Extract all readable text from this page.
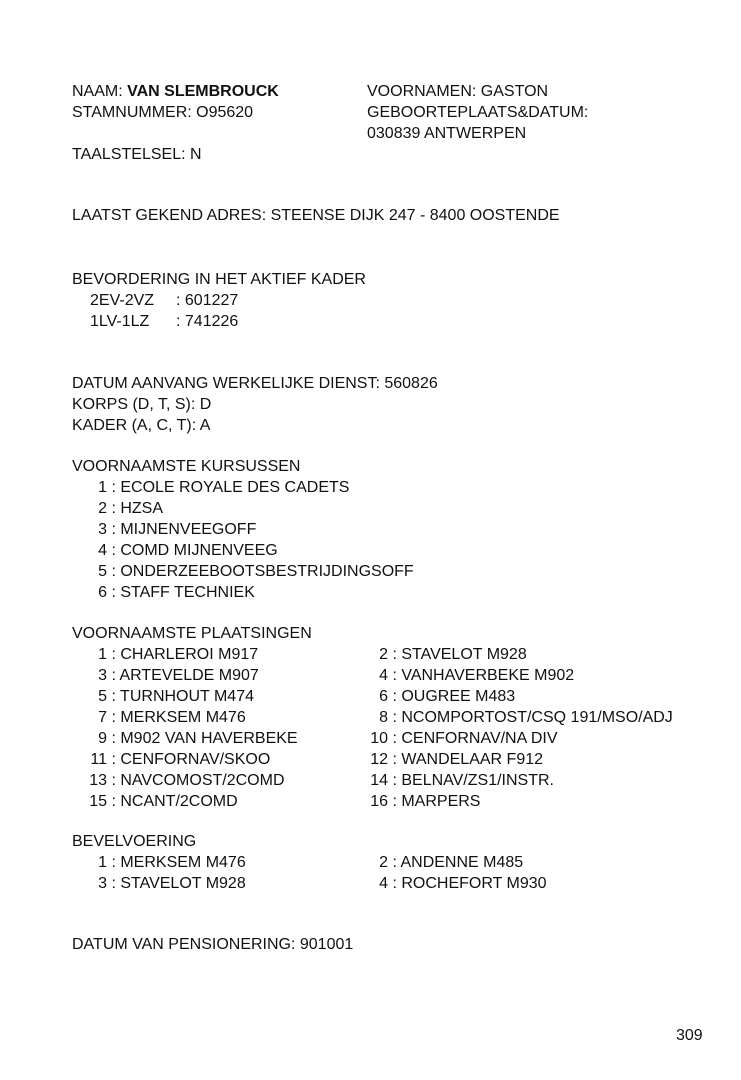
NAAM: VAN SLEMBROUCK	VOORNAMEN: GASTON
STAMNUMMER: O95620	GEBOORTEPLAATS&DATUM:
030839 ANTWERPEN
TAALSTELSEL: N
LAATST GEKEND ADRES: STEENSE DIJK 247 - 8400 OOSTENDE
BEVORDERING IN HET AKTIEF KADER
2EV-2VZ : 601227
1LV-1LZ : 741226
DATUM AANVANG WERKELIJKE DIENST: 560826
KORPS (D, T, S): D
KADER (A, C, T): A
VOORNAAMSTE KURSUSSEN
1 : ECOLE ROYALE DES CADETS
2 : HZSA
3 : MIJNENVEEGOFF
4 : COMD MIJNENVEEG
5 : ONDERZEEBOOTSBESTRIJDINGSOFF
6 : STAFF TECHNIEK
VOORNAAMSTE PLAATSINGEN
1 : CHARLEROI M917
3 : ARTEVELDE M907
5 : TURNHOUT M474
7 : MERKSEM M476
9 : M902 VAN HAVERBEKE
11 : CENFORNAV/SKOO
13 : NAVCOMOST/2COMD
15 : NCANT/2COMD
2 : STAVELOT M928
4 : VANHAVERBEKE M902
6 : OUGREE M483
8 : NCOMPORTOST/CSQ 191/MSO/ADJ
10 : CENFORNAV/NA DIV
12 : WANDELAAR F912
14 : BELNAV/ZS1/INSTR.
16 : MARPERS
BEVELVOERING
1 : MERKSEM M476
3 : STAVELOT M928
2 : ANDENNE M485
4 : ROCHEFORT M930
DATUM VAN PENSIONERING: 901001
309
